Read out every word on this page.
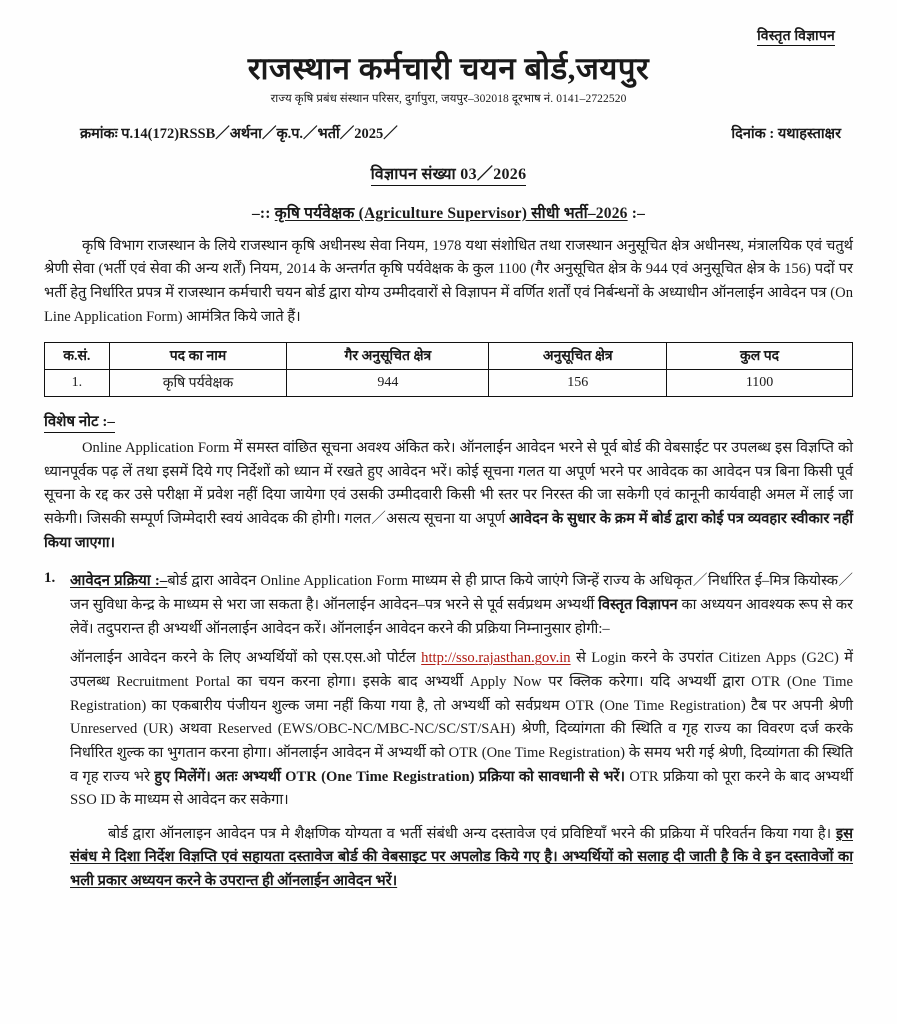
विस्तृत विज्ञापन
राजस्थान कर्मचारी चयन बोर्ड,जयपुर
राज्य कृषि प्रबंध संस्थान परिसर, दुर्गापुरा, जयपुर–302018 दूरभाष नं. 0141–2722520
क्रमांकः प.14(172)RSSB／अर्थना／कृ.प.／भर्ती／2025／	दिनांक : यथाहस्ताक्षर
विज्ञापन संख्या 03／2026
–:: कृषि पर्यवेक्षक (Agriculture Supervisor) सीधी भर्ती–2026 :–
कृषि विभाग राजस्थान के लिये राजस्थान कृषि अधीनस्थ सेवा नियम, 1978 यथा संशोधित तथा राजस्थान अनुसूचित क्षेत्र अधीनस्थ, मंत्रालयिक एवं चतुर्थ श्रेणी सेवा (भर्ती एवं सेवा की अन्य शर्तें) नियम, 2014 के अन्तर्गत कृषि पर्यवेक्षक के कुल 1100 (गैर अनुसूचित क्षेत्र के 944 एवं अनुसूचित क्षेत्र के 156) पदों पर भर्ती हेतु निर्धारित प्रपत्र में राजस्थान कर्मचारी चयन बोर्ड द्वारा योग्य उम्मीदवारों से विज्ञापन में वर्णित शर्तों एवं निर्बन्धनों के अध्याधीन ऑनलाईन आवेदन पत्र (On Line Application Form) आमंत्रित किये जाते हैं।
क.सं.	पद का नाम	गैर अनुसूचित क्षेत्र	अनुसूचित क्षेत्र	कुल पद
1.	कृषि पर्यवेक्षक	944	156	1100
विशेष नोट :–
Online Application Form में समस्त वांछित सूचना अवश्य अंकित करे। ऑनलाईन आवेदन भरने से पूर्व बोर्ड की वेबसाईट पर उपलब्ध इस विज्ञप्ति को ध्यानपूर्वक पढ़ लें तथा इसमें दिये गए निर्देशों को ध्यान में रखते हुए आवेदन भरें। कोई सूचना गलत या अपूर्ण भरने पर आवेदक का आवेदन पत्र बिना किसी पूर्व सूचना के रद्द कर उसे परीक्षा में प्रवेश नहीं दिया जायेगा एवं उसकी उम्मीदवारी किसी भी स्तर पर निरस्त की जा सकेगी एवं कानूनी कार्यवाही अमल में लाई जा सकेगी। जिसकी सम्पूर्ण जिम्मेदारी स्वयं आवेदक की होगी। गलत／असत्य सूचना या अपूर्ण आवेदन के सुधार के क्रम में बोर्ड द्वारा कोई पत्र व्यवहार स्वीकार नहीं किया जाएगा।
1. आवेदन प्रक्रिया :–बोर्ड द्वारा आवेदन Online Application Form माध्यम से ही प्राप्त किये जाएंगे जिन्हें राज्य के अधिकृत／निर्धारित ई–मित्र कियोस्क／जन सुविधा केन्द्र के माध्यम से भरा जा सकता है। ऑनलाईन आवेदन–पत्र भरने से पूर्व सर्वप्रथम अभ्यर्थी विस्तृत विज्ञापन का अध्ययन आवश्यक रूप से कर लेवें। तदुपरान्त ही अभ्यर्थी ऑनलाईन आवेदन करें। ऑनलाईन आवेदन करने की प्रक्रिया निम्नानुसार होगी:–
ऑनलाईन आवेदन करने के लिए अभ्यर्थियों को एस.एस.ओ पोर्टल http://sso.rajasthan.gov.in से Login करने के उपरांत Citizen Apps (G2C) में उपलब्ध Recruitment Portal का चयन करना होगा। इसके बाद अभ्यर्थी Apply Now पर क्लिक करेगा। यदि अभ्यर्थी द्वारा OTR (One Time Registration) का एकबारीय पंजीयन शुल्क जमा नहीं किया गया है, तो अभ्यर्थी को सर्वप्रथम OTR (One Time Registration) टैब पर अपनी श्रेणी Unreserved (UR) अथवा Reserved (EWS/OBC-NC/MBC-NC/SC/ST/SAH) श्रेणी, दिव्यांगता की स्थिति व गृह राज्य का विवरण दर्ज करके निर्धारित शुल्क का भुगतान करना होगा। ऑनलाईन आवेदन में अभ्यर्थी को OTR (One Time Registration) के समय भरी गई श्रेणी, दिव्यांगता की स्थिति व गृह राज्य भरे हुए मिलेंगें। अतः अभ्यर्थी OTR (One Time Registration) प्रक्रिया को सावधानी से भरें। OTR प्रक्रिया को पूरा करने के बाद अभ्यर्थी SSO ID के माध्यम से आवेदन कर सकेगा।
बोर्ड द्वारा ऑनलाइन आवेदन पत्र मे शैक्षणिक योग्यता व भर्ती संबंधी अन्य दस्तावेज एवं प्रविष्टियाँ भरने की प्रक्रिया में परिवर्तन किया गया है। इस संबंध मे दिशा निर्देश विज्ञप्ति एवं सहायता दस्तावेज बोर्ड की वेबसाइट पर अपलोड किये गए है। अभ्यर्थियों को सलाह दी जाती है कि वे इन दस्तावेजों का भली प्रकार अध्ययन करने के उपरान्त ही ऑनलाईन आवेदन भरें।
